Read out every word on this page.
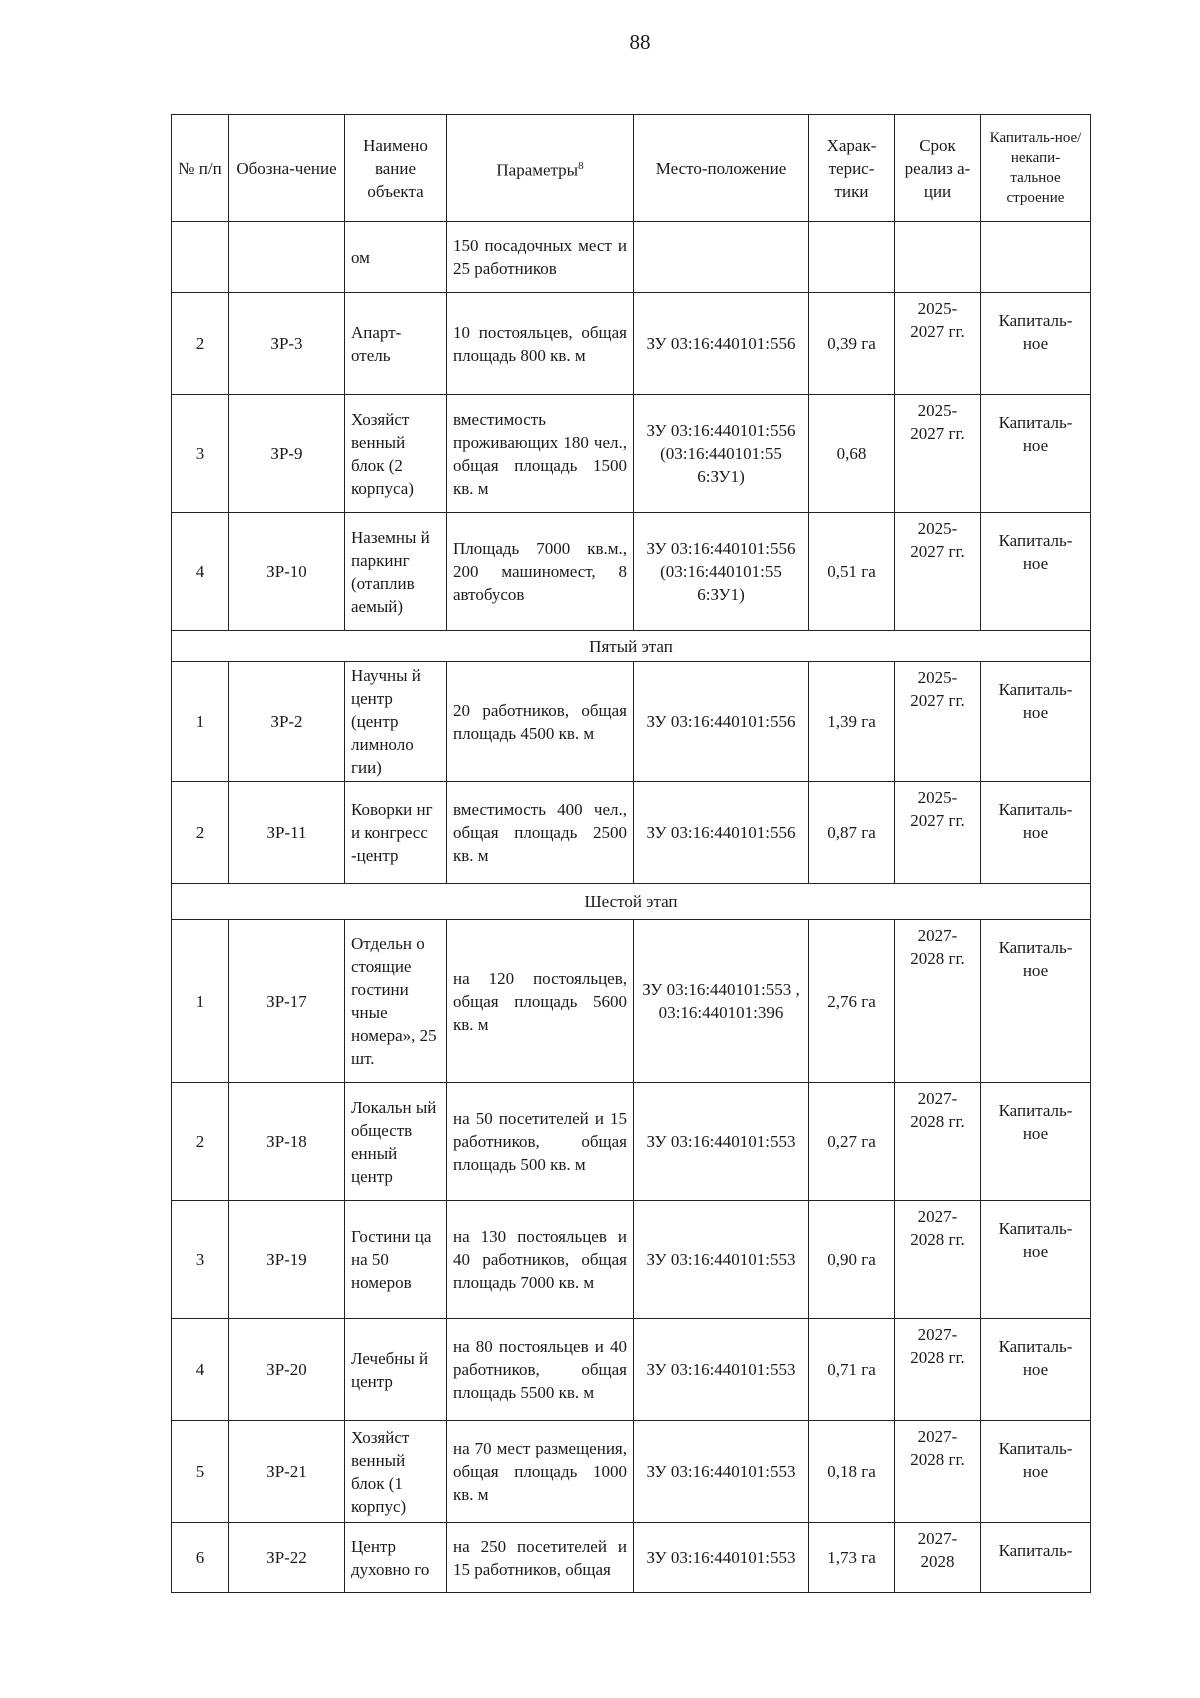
88
№ п/п	Обозна-чение	Наимено вание объекта	Параметры$^8$	Место-положение	Харак-терис-тики	Срок реализ а-ции	Капиталь-ное/ некапи-тальное строение
		ом	150 посадочных мест и 25 работников				
2	ЗР-3	Апарт-отель	10 постояльцев, общая площадь 800 кв. м	ЗУ 03:16:440101:556	0,39 га	2025-2027 гг.	Капиталь-ное
3	ЗР-9	Хозяйст венный блок (2 корпуса)	вместимость проживающих 180 чел., общая площадь 1500 кв. м	ЗУ 03:16:440101:556 (03:16:440101:55 6:ЗУ1)	0,68	2025-2027 гг.	Капиталь-ное
4	ЗР-10	Наземны й паркинг (отаплив аемый)	Площадь 7000 кв.м., 200 машиномест, 8 автобусов	ЗУ 03:16:440101:556 (03:16:440101:55 6:ЗУ1)	0,51 га	2025-2027 гг.	Капиталь-ное
Пятый этап							
1	ЗР-2	Научны й центр (центр лимноло гии)	20 работников, общая площадь 4500 кв. м	ЗУ 03:16:440101:556	1,39 га	2025-2027 гг.	Капиталь-ное
2	ЗР-11	Коворки нг и конгресс -центр	вместимость 400 чел., общая площадь 2500 кв. м	ЗУ 03:16:440101:556	0,87 га	2025-2027 гг.	Капиталь-ное
Шестой этап							
1	ЗР-17	Отдельн о стоящие гостини чные номера», 25 шт.	на 120 постояльцев, общая площадь 5600 кв. м	ЗУ 03:16:440101:553 , 03:16:440101:396	2,76 га	2027-2028 гг.	Капиталь-ное
2	ЗР-18	Локальн ый обществ енный центр	на 50 посетителей и 15 работников, общая площадь 500 кв. м	ЗУ 03:16:440101:553	0,27 га	2027-2028 гг.	Капиталь-ное
3	ЗР-19	Гостини ца на 50 номеров	на 130 постояльцев и 40 работников, общая площадь 7000 кв. м	ЗУ 03:16:440101:553	0,90 га	2027-2028 гг.	Капиталь-ное
4	ЗР-20	Лечебны й центр	на 80 постояльцев и 40 работников, общая площадь 5500 кв. м	ЗУ 03:16:440101:553	0,71 га	2027-2028 гг.	Капиталь-ное
5	ЗР-21	Хозяйст венный блок (1 корпус)	на 70 мест размещения, общая площадь 1000 кв. м	ЗУ 03:16:440101:553	0,18 га	2027-2028 гг.	Капиталь-ное
6	ЗР-22	Центр духовно го	на 250 посетителей и 15 работников, общая	ЗУ 03:16:440101:553	1,73 га	2027-2028	Капиталь-
